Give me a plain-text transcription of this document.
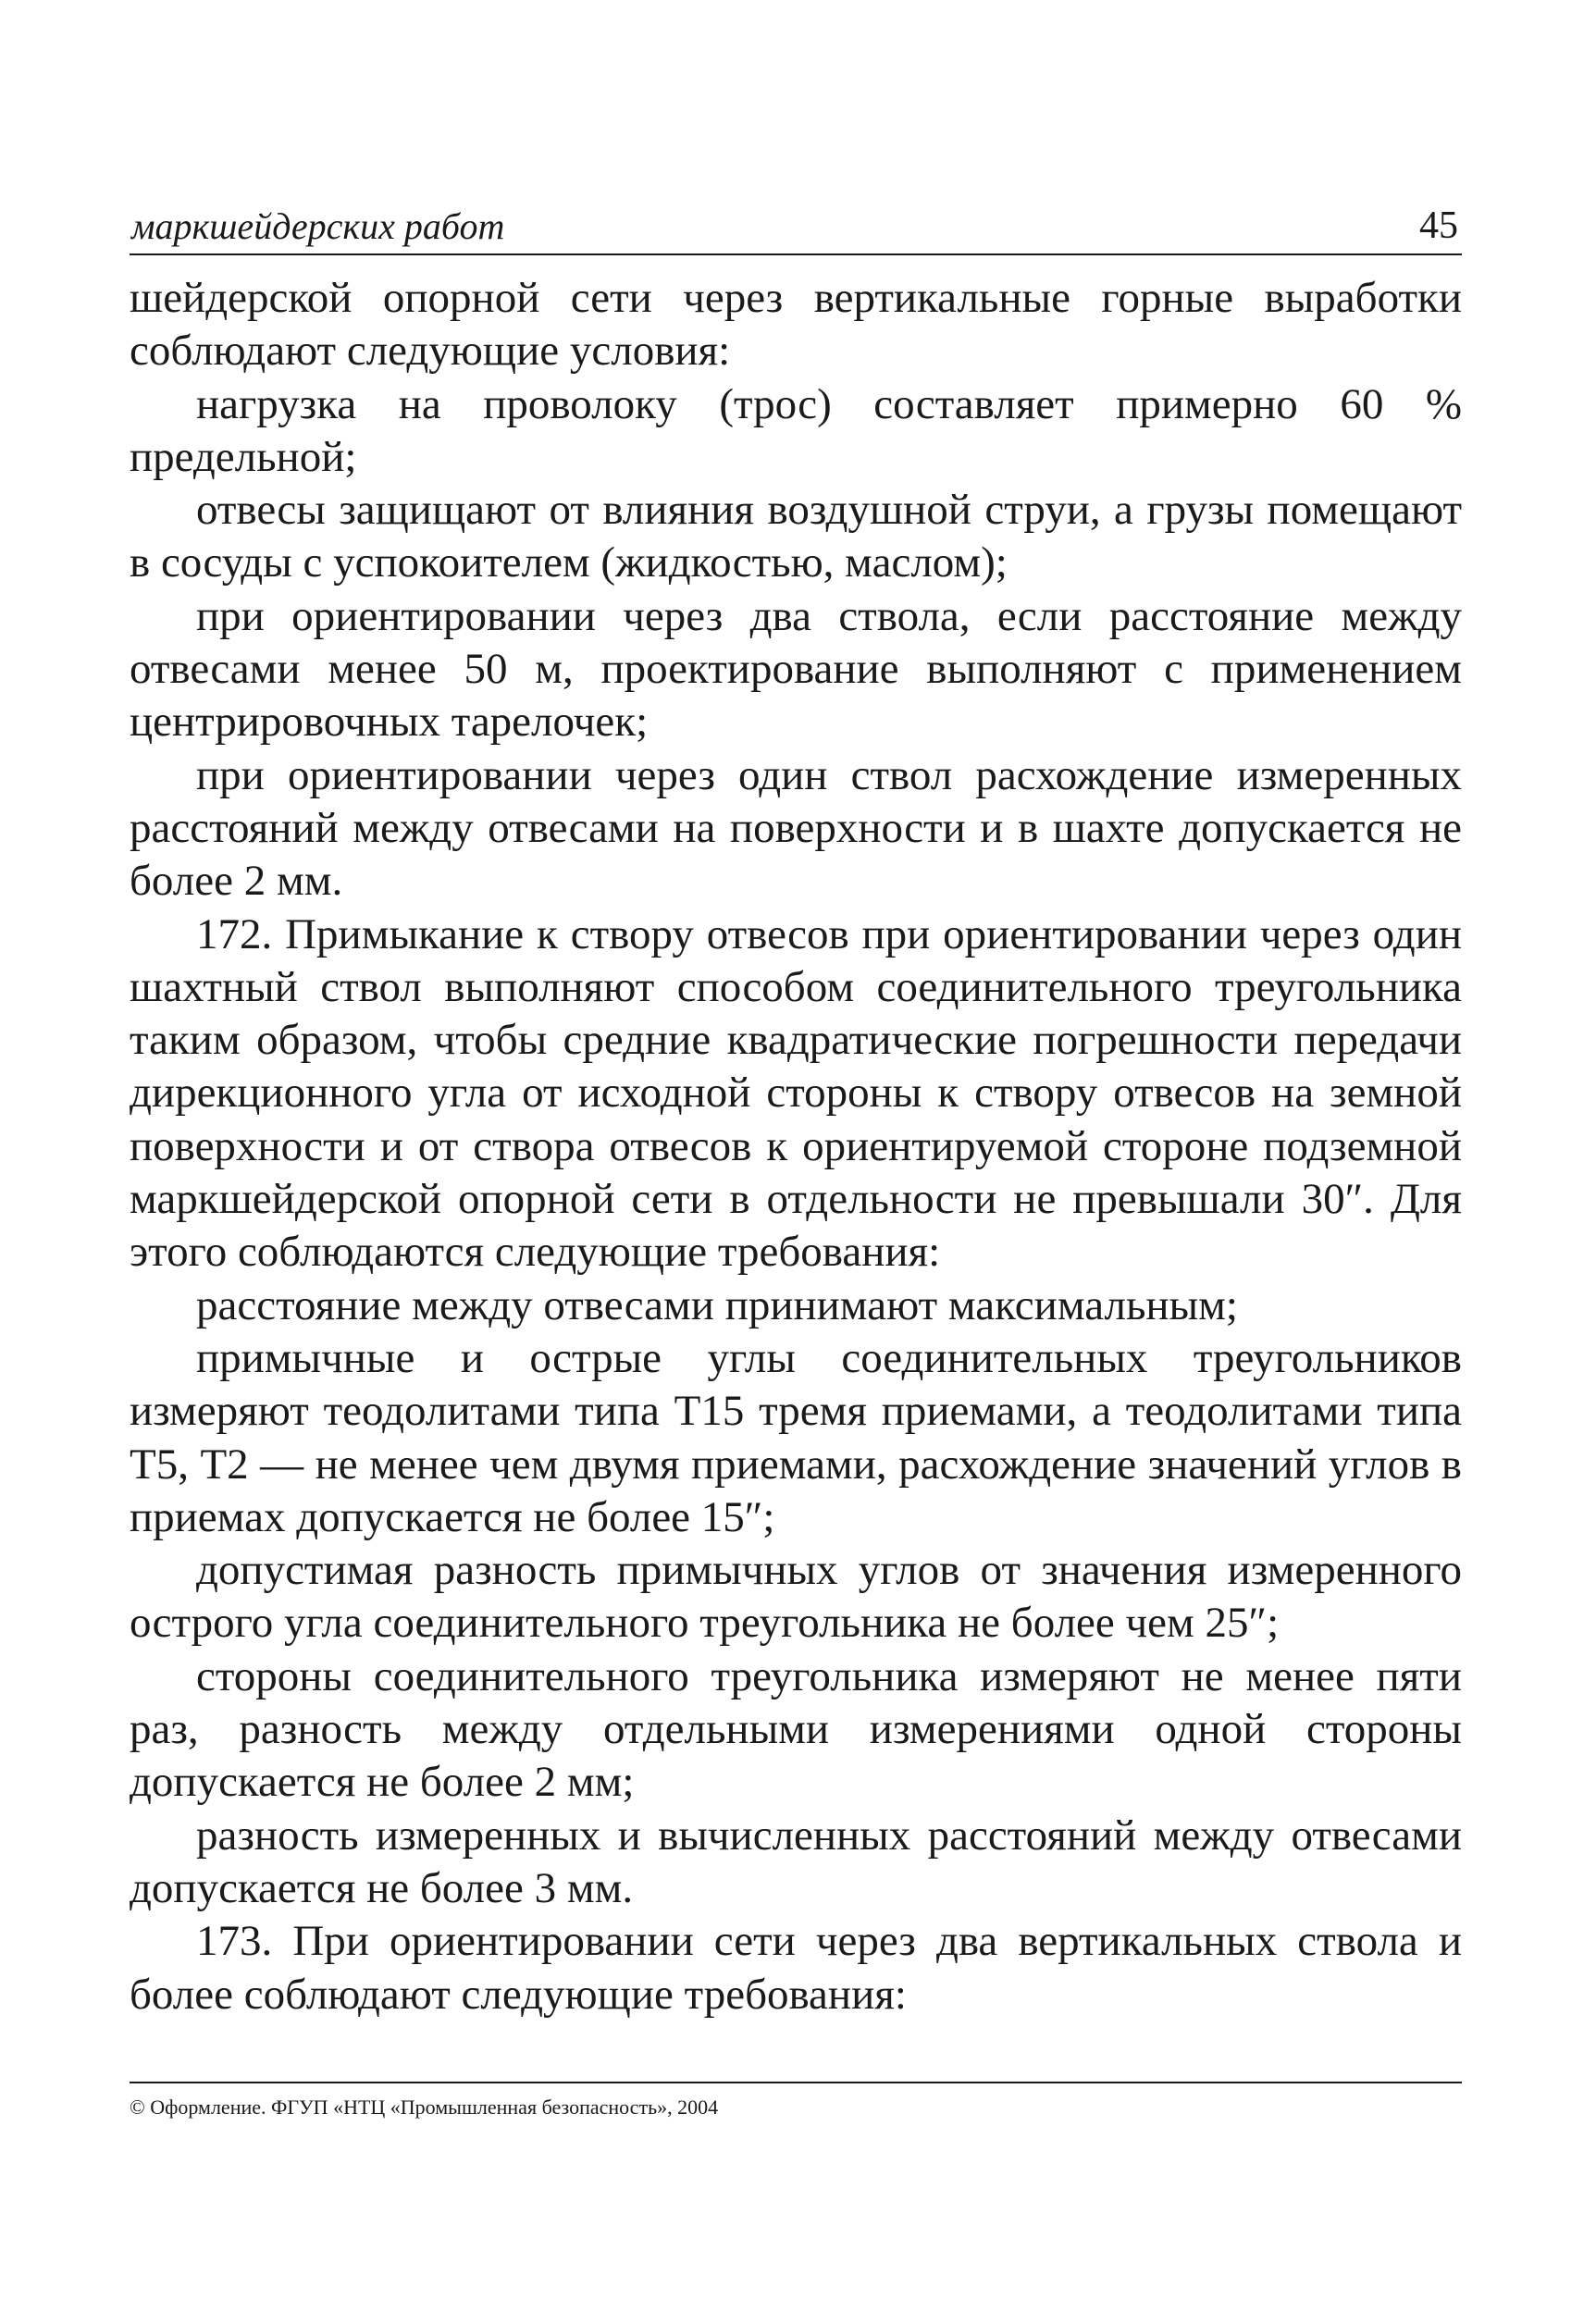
маркшейдерских работ	45

шейдерской опорной сети через вертикальные горные выработки соблюдают следующие условия:

нагрузка на проволоку (трос) составляет примерно 60 % предельной;

отвесы защищают от влияния воздушной струи, а грузы помещают в сосуды с успокоителем (жидкостью, маслом);

при ориентировании через два ствола, если расстояние между отвесами менее 50 м, проектирование выполняют с применением центрировочных тарелочек;

при ориентировании через один ствол расхождение измеренных расстояний между отвесами на поверхности и в шахте допускается не более 2 мм.

172. Примыкание к створу отвесов при ориентировании через один шахтный ствол выполняют способом соединительного треугольника таким образом, чтобы средние квадратические погрешности передачи дирекционного угла от исходной стороны к створу отвесов на земной поверхности и от створа отвесов к ориентируемой стороне подземной маркшейдерской опорной сети в отдельности не превышали 30″. Для этого соблюдаются следующие требования:

расстояние между отвесами принимают максимальным;

примычные и острые углы соединительных треугольников измеряют теодолитами типа Т15 тремя приемами, а теодолитами типа Т5, Т2 — не менее чем двумя приемами, расхождение значений углов в приемах допускается не более 15″;

допустимая разность примычных углов от значения измеренного острого угла соединительного треугольника не более чем 25″;

стороны соединительного треугольника измеряют не менее пяти раз, разность между отдельными измерениями одной стороны допускается не более 2 мм;

разность измеренных и вычисленных расстояний между отвесами допускается не более 3 мм.

173. При ориентировании сети через два вертикальных ствола и более соблюдают следующие требования:

© Оформление. ФГУП «НТЦ «Промышленная безопасность», 2004
